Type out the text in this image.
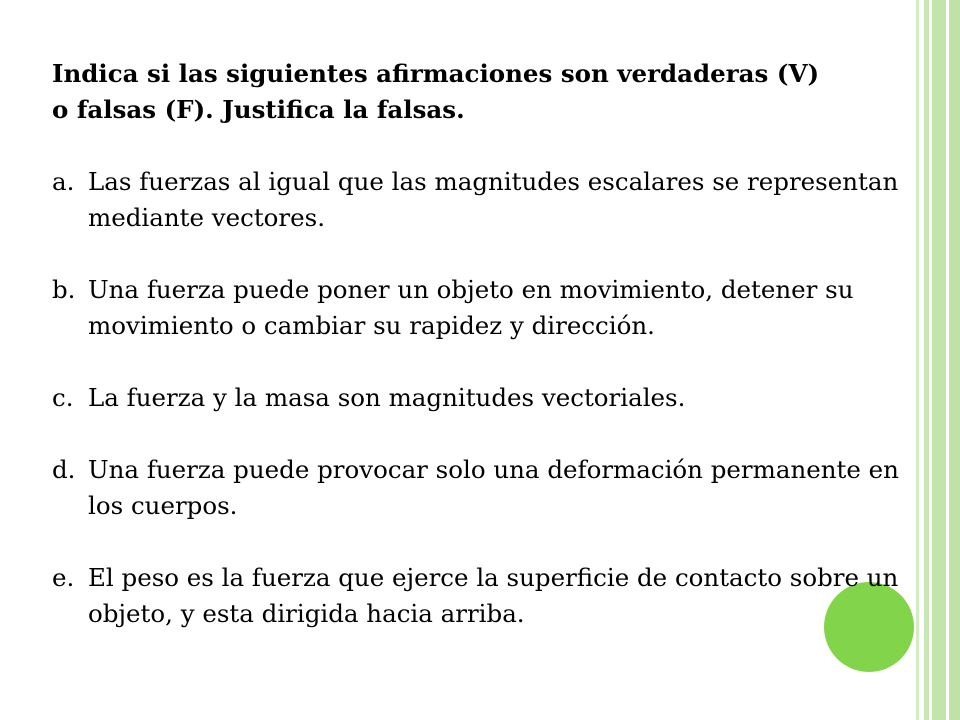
Indica si las siguientes afirmaciones son verdaderas (V) o falsas (F). Justifica la falsas.
a. Las fuerzas al igual que las magnitudes escalares se representan mediante vectores.
b. Una fuerza puede poner un objeto en movimiento, detener su movimiento o cambiar su rapidez y dirección.
c. La fuerza y la masa son magnitudes vectoriales.
d. Una fuerza puede provocar solo una deformación permanente en los cuerpos.
e. El peso es la fuerza que ejerce la superficie de contacto sobre un objeto, y esta dirigida hacia arriba.
